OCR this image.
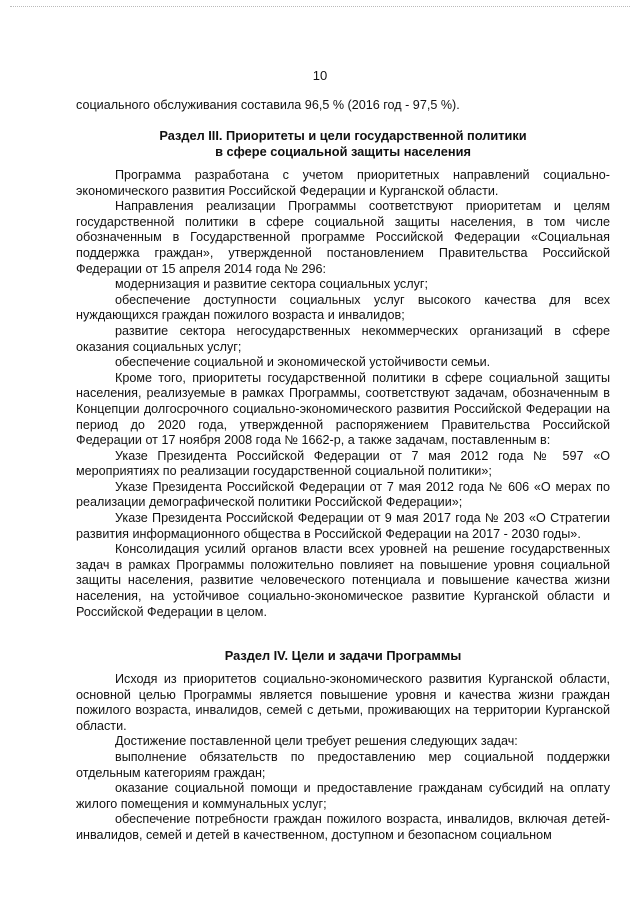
10

социального обслуживания составила 96,5 % (2016 год - 97,5 %).

Раздел III. Приоритеты и цели государственной политики
в сфере социальной защиты населения

Программа разработана с учетом приоритетных направлений социально-экономического развития Российской Федерации и Курганской области.

Направления реализации Программы соответствуют приоритетам и целям государственной политики в сфере социальной защиты населения, в том числе обозначенным в Государственной программе Российской Федерации «Социальная поддержка граждан», утвержденной постановлением Правительства Российской Федерации от 15 апреля 2014 года № 296:

модернизация и развитие сектора социальных услуг;

обеспечение доступности социальных услуг высокого качества для всех нуждающихся граждан пожилого возраста и инвалидов;

развитие сектора негосударственных некоммерческих организаций в сфере оказания социальных услуг;

обеспечение социальной и экономической устойчивости семьи.

Кроме того, приоритеты государственной политики в сфере социальной защиты населения, реализуемые в рамках Программы, соответствуют задачам, обозначенным в Концепции долгосрочного социально-экономического развития Российской Федерации на период до 2020 года, утвержденной распоряжением Правительства Российской Федерации от 17 ноября 2008 года № 1662-р, а также задачам, поставленным в:

Указе Президента Российской Федерации от 7 мая 2012 года № 597 «О мероприятиях по реализации государственной социальной политики»;

Указе Президента Российской Федерации от 7 мая 2012 года № 606 «О мерах по реализации демографической политики Российской Федерации»;

Указе Президента Российской Федерации от 9 мая 2017 года № 203 «О Стратегии развития информационного общества в Российской Федерации на 2017 - 2030 годы».

Консолидация усилий органов власти всех уровней на решение государственных задач в рамках Программы положительно повлияет на повышение уровня социальной защиты населения, развитие человеческого потенциала и повышение качества жизни населения, на устойчивое социально-экономическое развитие Курганской области и Российской Федерации в целом.

Раздел IV. Цели и задачи Программы

Исходя из приоритетов социально-экономического развития Курганской области, основной целью Программы является повышение уровня и качества жизни граждан пожилого возраста, инвалидов, семей с детьми, проживающих на территории Курганской области.

Достижение поставленной цели требует решения следующих задач:

выполнение обязательств по предоставлению мер социальной поддержки отдельным категориям граждан;

оказание социальной помощи и предоставление гражданам субсидий на оплату жилого помещения и коммунальных услуг;

обеспечение потребности граждан пожилого возраста, инвалидов, включая детей-инвалидов, семей и детей в качественном, доступном и безопасном социальном
